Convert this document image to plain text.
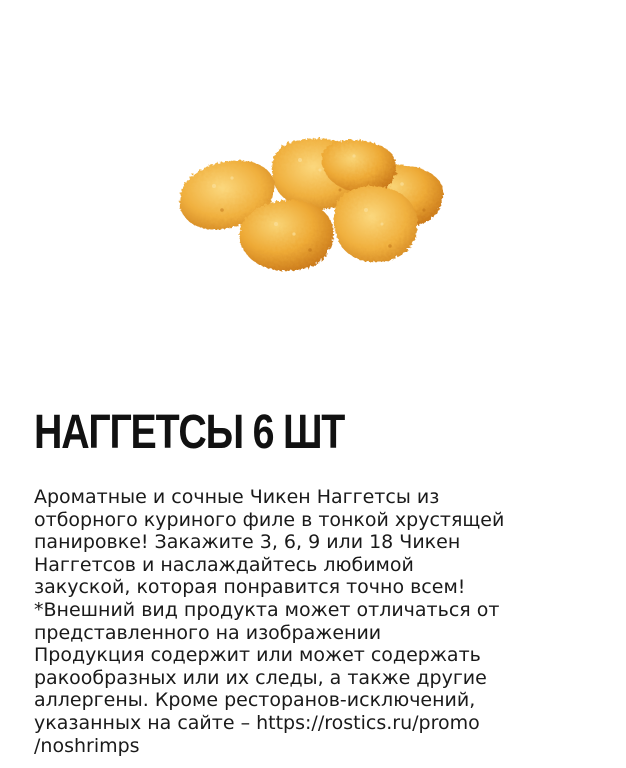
НАГГЕТСЫ 6 ШТ

Ароматные и сочные Чикен Наггетсы из
отборного куриного филе в тонкой хрустящей
панировке! Закажите 3, 6, 9 или 18 Чикен
Наггетсов и наслаждайтесь любимой
закуской, которая понравится точно всем!
*Внешний вид продукта может отличаться от
представленного на изображении
Продукция содержит или может содержать
ракообразных или их следы, а также другие
аллергены. Кроме ресторанов-исключений,
указанных на сайте – https://rostics.ru/promo
/noshrimps
